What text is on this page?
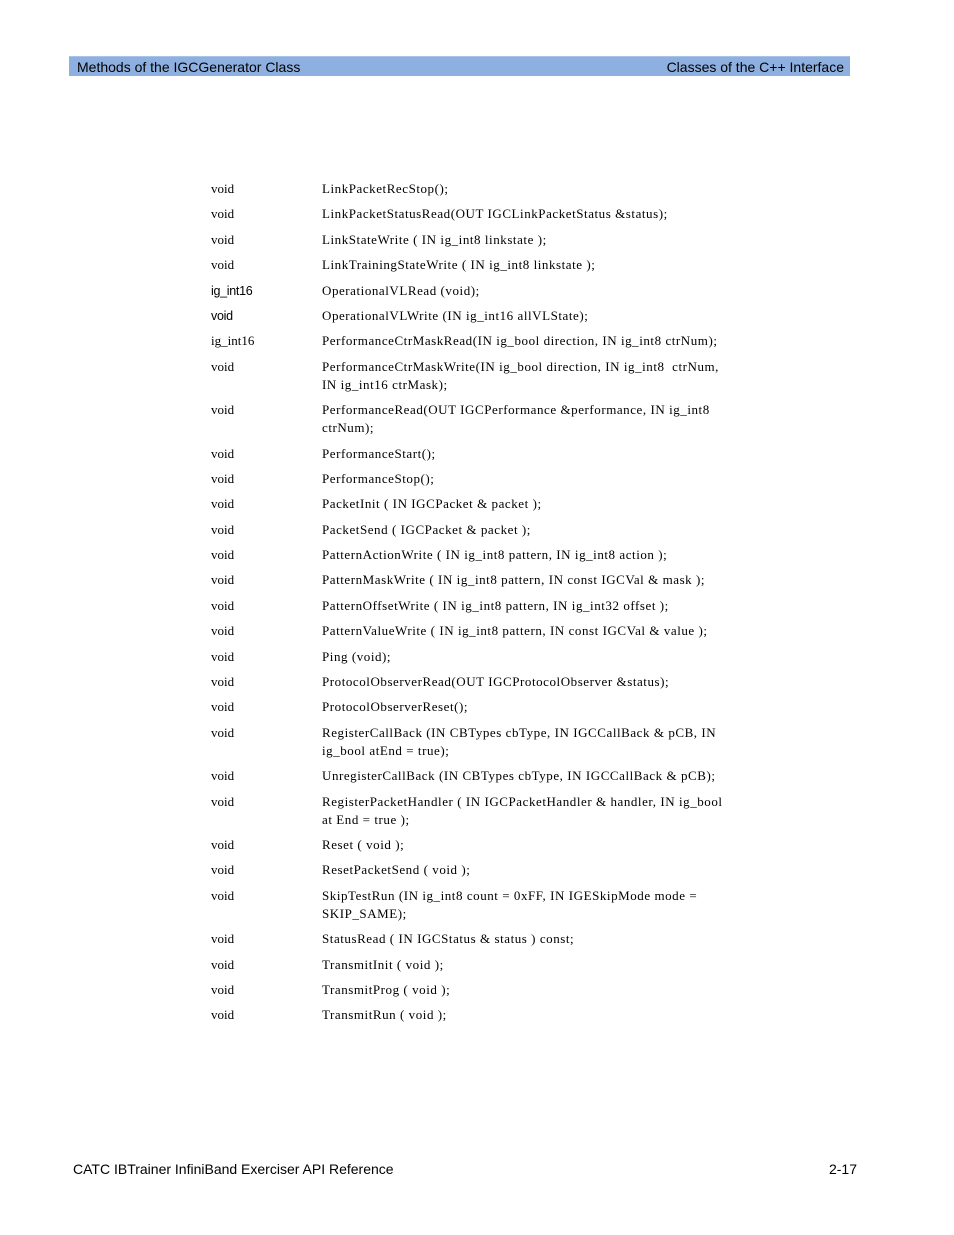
Methods of the IGCGenerator Class	Classes of the C++ Interface
void	LinkPacketRecStop();
void	LinkPacketStatusRead(OUT IGCLinkPacketStatus &status);
void	LinkStateWrite ( IN ig_int8 linkstate );
void	LinkTrainingStateWrite ( IN ig_int8 linkstate );
ig_int16	OperationalVLRead (void);
void	OperationalVLWrite (IN ig_int16 allVLState);
ig_int16	PerformanceCtrMaskRead(IN ig_bool direction, IN ig_int8 ctrNum);
void	PerformanceCtrMaskWrite(IN ig_bool direction, IN ig_int8  ctrNum,
IN ig_int16 ctrMask);
void	PerformanceRead(OUT IGCPerformance &performance, IN ig_int8
ctrNum);
void	PerformanceStart();
void	PerformanceStop();
void	PacketInit ( IN IGCPacket & packet );
void	PacketSend ( IGCPacket & packet );
void	PatternActionWrite ( IN ig_int8 pattern, IN ig_int8 action );
void	PatternMaskWrite ( IN ig_int8 pattern, IN const IGCVal & mask );
void	PatternOffsetWrite ( IN ig_int8 pattern, IN ig_int32 offset );
void	PatternValueWrite ( IN ig_int8 pattern, IN const IGCVal & value );
void	Ping (void);
void	ProtocolObserverRead(OUT IGCProtocolObserver &status);
void	ProtocolObserverReset();
void	RegisterCallBack (IN CBTypes cbType, IN IGCCallBack & pCB, IN
ig_bool atEnd = true);
void	UnregisterCallBack (IN CBTypes cbType, IN IGCCallBack & pCB);
void	RegisterPacketHandler ( IN IGCPacketHandler & handler, IN ig_bool
at End = true );
void	Reset ( void );
void	ResetPacketSend ( void );
void	SkipTestRun (IN ig_int8 count = 0xFF, IN IGESkipMode mode =
SKIP_SAME);
void	StatusRead ( IN IGCStatus & status ) const;
void	TransmitInit ( void );
void	TransmitProg ( void );
void	TransmitRun ( void );
CATC IBTrainer InfiniBand Exerciser API Reference	2-17
